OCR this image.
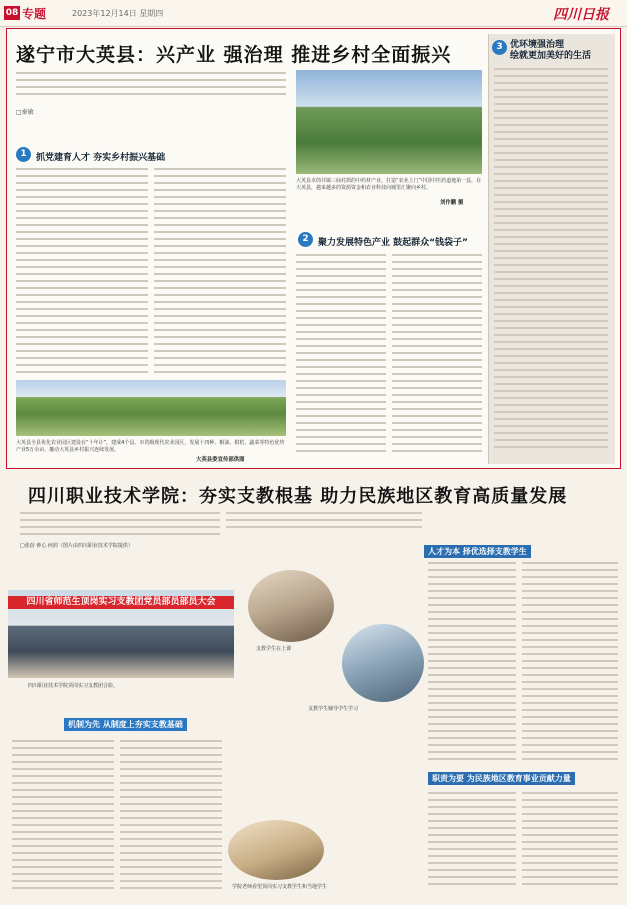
08 专题	2023年12月14日 星期四	四川日报
遂宁市大英县：兴产业 强治理 推进乡村全面振兴
□秦敏
大英县卓筒井镇三仙村抓的中药材产业，打造“农业上门”中国中医药道地第一县，在大英县，越来越多的资源资金和农业科技向城里汇聚向乡村。
刘作鹏 摄
1	抓党建育人才 夯实乡村振兴基础
2	聚力发展特色产业 鼓起群众“钱袋子”
大英县全县优化农业园区建设在“十年计”，建成4个县、市省级现代农业园区，发展十四种、粮油、柑桔、蔬菜等特色优势产业5万余亩，撬动大英县乡村振兴连续发展。
大英县委宣传部供图
3 优环境强治理
绘就更加美好的生活
四川职业技术学院：夯实支教根基 助力民族地区教育高质量发展
□张蓓 钟心 何润（图片由四川职业技术学院提供）
人才为本 择优选择支教学生
四川省师范生顶岗实习支教团党员部员部员大会
四川职业技术学院顶岗实习支教团合影。
支教学生在上课
支教学生辅导学生学习
学院老师看望顶岗实习支教学生和当地学生
机制为先 从制度上夯实支教基础
职责为要 为民族地区教育事业贡献力量
